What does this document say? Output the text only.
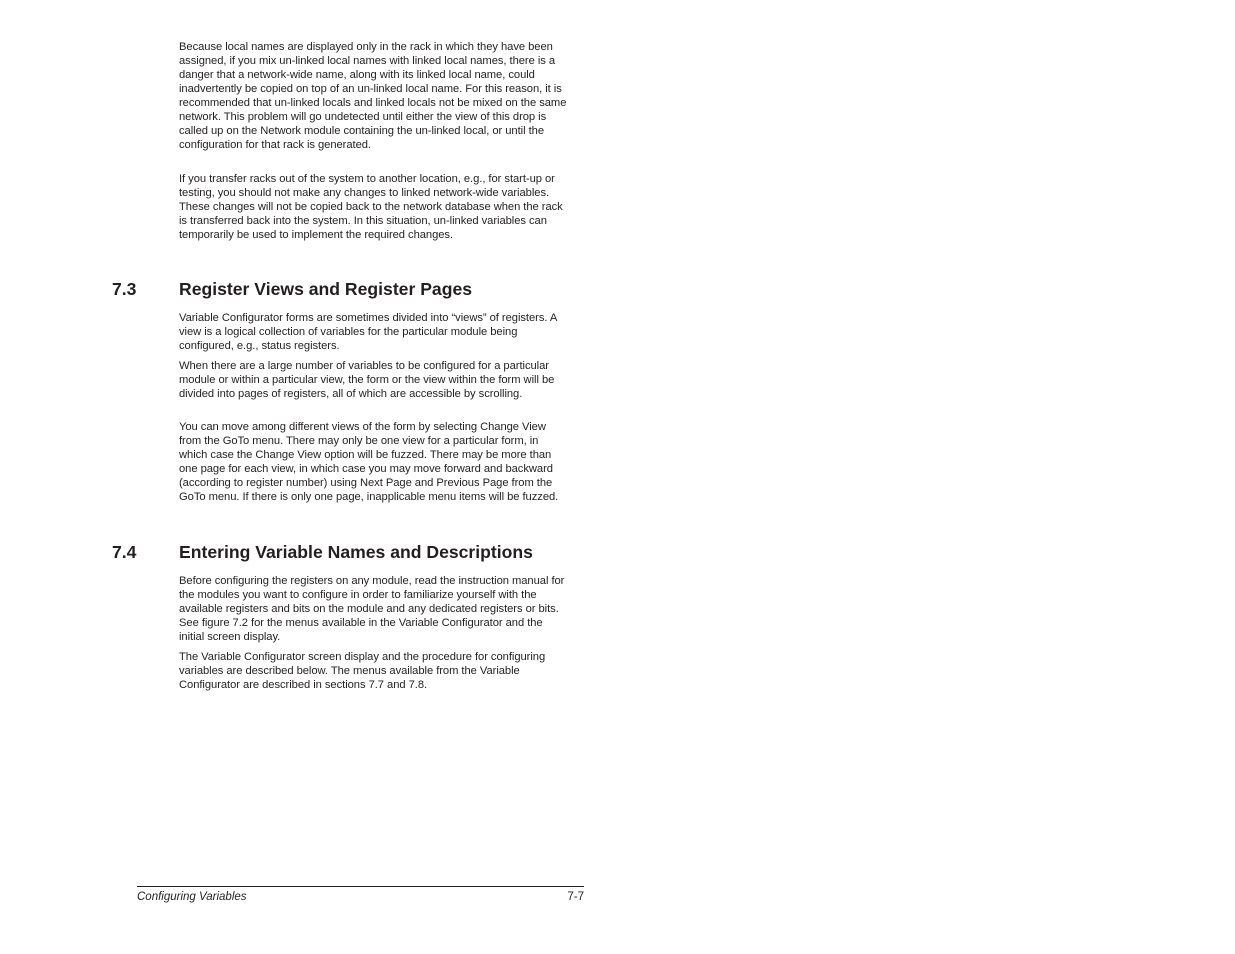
Because local names are displayed only in the rack in which they have been assigned, if you mix un-linked local names with linked local names, there is a danger that a network-wide name, along with its linked local name, could inadvertently be copied on top of an un-linked local name. For this reason, it is recommended that un-linked locals and linked locals not be mixed on the same network. This problem will go undetected until either the view of this drop is called up on the Network module containing the un-linked local, or until the configuration for that rack is generated.

If you transfer racks out of the system to another location, e.g., for start-up or testing, you should not make any changes to linked network-wide variables. These changes will not be copied back to the network database when the rack is transferred back into the system. In this situation, un-linked variables can temporarily be used to implement the required changes.

7.3 Register Views and Register Pages

Variable Configurator forms are sometimes divided into “views” of registers. A view is a logical collection of variables for the particular module being configured, e.g., status registers.

When there are a large number of variables to be configured for a particular module or within a particular view, the form or the view within the form will be divided into pages of registers, all of which are accessible by scrolling.

You can move among different views of the form by selecting Change View from the GoTo menu. There may only be one view for a particular form, in which case the Change View option will be fuzzed. There may be more than one page for each view, in which case you may move forward and backward (according to register number) using Next Page and Previous Page from the GoTo menu. If there is only one page, inapplicable menu items will be fuzzed.

7.4 Entering Variable Names and Descriptions

Before configuring the registers on any module, read the instruction manual for the modules you want to configure in order to familiarize yourself with the available registers and bits on the module and any dedicated registers or bits. See figure 7.2 for the menus available in the Variable Configurator and the initial screen display.

The Variable Configurator screen display and the procedure for configuring variables are described below. The menus available from the Variable Configurator are described in sections 7.7 and 7.8.

Configuring Variables	7-7
